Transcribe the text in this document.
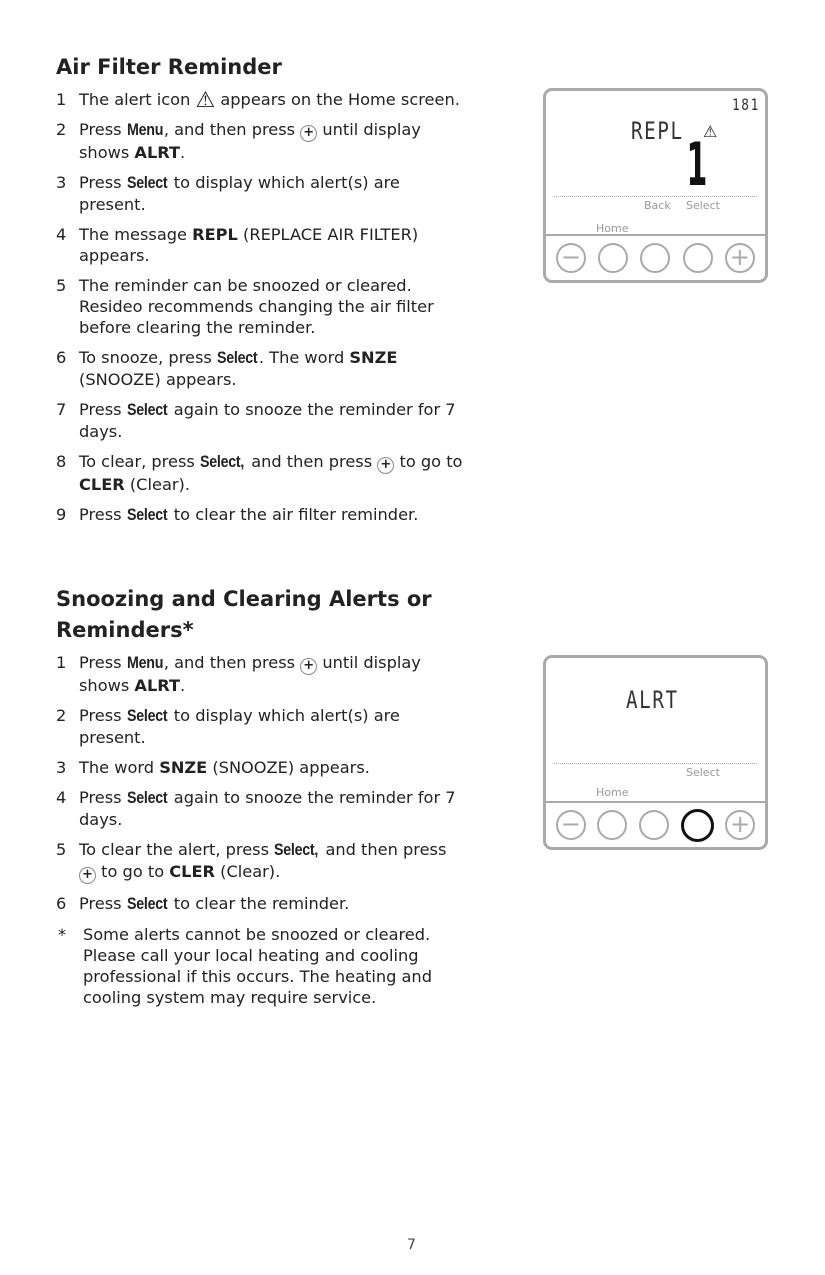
Air Filter Reminder
1 The alert icon ⚠ appears on the Home screen.
2 Press Menu, and then press + until display shows ALRT.
3 Press Select to display which alert(s) are present.
4 The message REPL (REPLACE AIR FILTER) appears.
5 The reminder can be snoozed or cleared. Resideo recommends changing the air filter before clearing the reminder.
6 To snooze, press Select. The word SNZE (SNOOZE) appears.
7 Press Select again to snooze the reminder for 7 days.
8 To clear, press Select, and then press + to go to CLER (Clear).
9 Press Select to clear the air filter reminder.
Snoozing and Clearing Alerts or Reminders*
1 Press Menu, and then press + until display shows ALRT.
2 Press Select to display which alert(s) are present.
3 The word SNZE (SNOOZE) appears.
4 Press Select again to snooze the reminder for 7 days.
5 To clear the alert, press Select, and then press + to go to CLER (Clear).
6 Press Select to clear the reminder.
* Some alerts cannot be snoozed or cleared. Please call your local heating and cooling professional if this occurs. The heating and cooling system may require service.
181
REPL ⚠
1
Back Select
Home
−	+
ALRT
Select
Home
−	+
7
